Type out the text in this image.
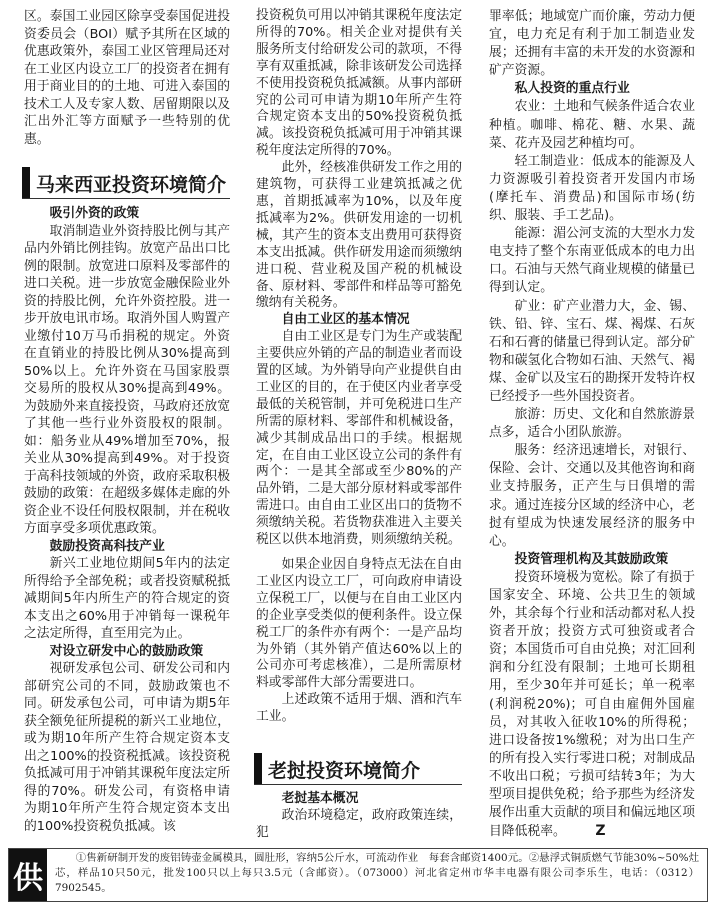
区。泰国工业园区除享受泰国促进投资委员会（BOI）赋予其所在区域的优惠政策外，泰国工业区管理局还对在工业区内设立工厂的投资者在拥有用于商业目的的土地、可进入泰国的技术工人及专家人数、居留期限以及汇出外汇等方面赋予一些特别的优惠。

马来西亚投资环境简介

吸引外资的政策

取消制造业外资持股比例与其产品内外销比例挂钩。放宽产品出口比例的限制。放宽进口原料及零部件的进口关税。进一步放宽金融保险业外资的持股比例，允许外资控股。进一步开放电讯市场。取消外国人购置产业缴付10万马币捐税的规定。外资在直销业的持股比例从30%提高到50%以上。允许外资在马国家股票交易所的股权从30%提高到49%。为鼓励外来直接投资，马政府还放宽了其他一些行业外资股权的限制。如：船务业从49%增加至70%，报关业从30%提高到49%。对于投资于高科技领域的外资，政府采取积极鼓励的政策：在超级多媒体走廊的外资企业不设任何股权限制，并在税收方面享受多项优惠政策。

鼓励投资高科技产业

新兴工业地位期间5年内的法定所得给予全部免税；或者投资赋税抵减期间5年内所生产的符合规定的资本支出之60%用于冲销每一课税年之法定所得，直至用完为止。

对设立研发中心的鼓励政策

视研发承包公司、研发公司和内部研究公司的不同，鼓励政策也不同。研发承包公司，可申请为期5年获全额免征所提税的新兴工业地位，或为期10年所产生符合规定资本支出之100%的投资税抵减。该投资税负抵减可用于冲销其课税年度法定所得的70%。研发公司，有资格申请为期10年所产生符合规定资本支出的100%投资税负抵减。该

投资税负可用以冲销其课税年度法定所得的70%。相关企业对提供有关服务所支付给研发公司的款项，不得享有双重抵减，除非该研发公司选择不使用投资税负抵减额。从事内部研究的公司可申请为期10年所产生符合规定资本支出的50%投资税负抵减。该投资税负抵减可用于冲销其课税年度法定所得的70%。

此外，经核准供研发工作之用的建筑物，可获得工业建筑抵减之优惠，首期抵减率为10%，以及年度抵减率为2%。供研发用途的一切机械，其产生的资本支出费用可获得资本支出抵减。供作研发用途而须缴纳进口税、营业税及国产税的机械设备、原材料、零部件和样品等可豁免缴纳有关税务。

自由工业区的基本情况

自由工业区是专门为生产或装配主要供应外销的产品的制造业者而设置的区域。为外销导向产业提供自由工业区的目的，在于使区内业者享受最低的关税管制，并可免税进口生产所需的原材料、零部件和机械设备，减少其制成品出口的手续。根据规定，在自由工业区设立公司的条件有两个：一是其全部或至少80%的产品外销，二是大部分原材料或零部件需进口。由自由工业区出口的货物不须缴纳关税。若货物获准进入主要关税区以供本地消费，则须缴纳关税。

如果企业因自身特点无法在自由工业区内设立工厂，可向政府申请设立保税工厂，以便与在自由工业区内的企业享受类似的便利条件。设立保税工厂的条件亦有两个：一是产品均为外销（其外销产值达60%以上的公司亦可考虑核准），二是所需原材料或零部件大部分需要进口。

上述政策不适用于烟、酒和汽车工业。

老挝投资环境简介

老挝基本概况

政治环境稳定，政府政策连续，犯

罪率低；地域宽广而价廉，劳动力便宜，电力充足有利于加工制造业发展；还拥有丰富的未开发的水资源和矿产资源。

私人投资的重点行业

农业：土地和气候条件适合农业种植。咖啡、棉花、糖、水果、蔬菜、花卉及园艺种植均可。

轻工制造业：低成本的能源及人力资源吸引着投资者开发国内市场(摩托车、消费品)和国际市场(纺织、服装、手工艺品)。

能源：湄公河支流的大型水力发电支持了整个东南亚低成本的电力出口。石油与天然气商业规模的储量已得到认定。

矿业：矿产业潜力大，金、锡、铁、铅、锌、宝石、煤、褐煤、石灰石和石膏的储量已得到认定。部分矿物和碳氢化合物如石油、天然气、褐煤、金矿以及宝石的勘探开发特许权已经授予一些外国投资者。

旅游：历史、文化和自然旅游景点多，适合小团队旅游。

服务：经济迅速增长，对银行、保险、会计、交通以及其他咨询和商业支持服务，正产生与日俱增的需求。通过连接分区域的经济中心，老挝有望成为快速发展经济的服务中心。

投资管理机构及其鼓励政策

投资环境极为宽松。除了有损于国家安全、环境、公共卫生的领域外，其余每个行业和活动都对私人投资者开放；投资方式可独资或者合资；本国货币可自由兑换；对汇回利润和分红没有限制；土地可长期租用，至少30年并可延长；单一税率(利润税20%)；可自由雇佣外国雇员，对其收入征收10%的所得税；进口设备按1%缴税；对为出口生产的所有投入实行零进口税；对制成品不收出口税；亏损可结转3年；为大型项目提供免税；给予那些为经济发展作出重大贡献的项目和偏远地区项目降低税率。 Z

供
①售新研制开发的废铝铸壶金属模具，圆肚形，容纳5公斤水，可流动作业　每套含邮资1400元。②悬浮式铜质燃气节能30%~50%灶芯，样品10只50元，批发100只以上每只3.5元（含邮资）。（073000）河北省定州市华丰电器有限公司李乐生，电话：（0312）7902545。
